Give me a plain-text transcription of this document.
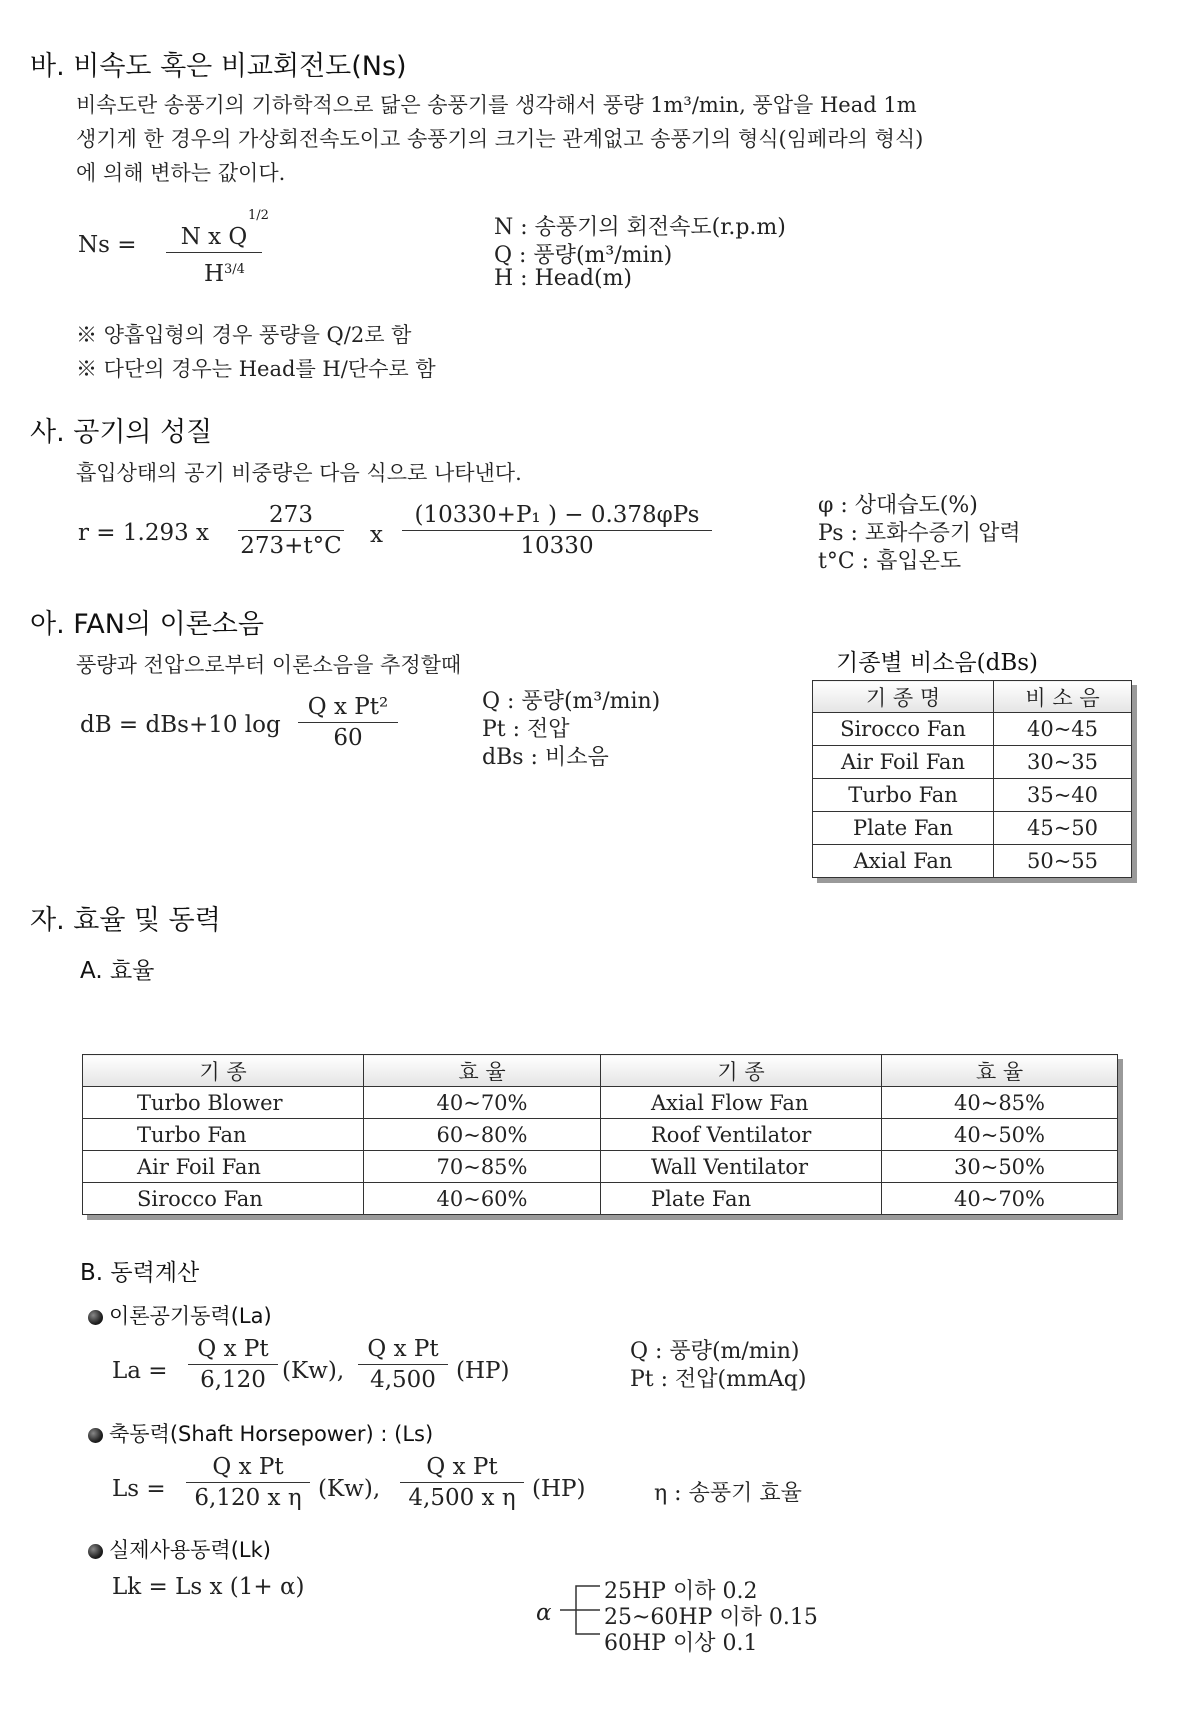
바. 비속도 혹은 비교회전도(Ns)
비속도란 송풍기의 기하학적으로 닮은 송풍기를 생각해서 풍량 1m³/min, 풍압을 Head 1m
생기게 한 경우의 가상회전속도이고 송풍기의 크기는 관계없고 송풍기의 형식(임페라의 형식)
에 의해 변하는 값이다.
$Ns = \frac{\text{N x Q}}{H}$
1/2
3/4
N : 송풍기의 회전속도(r.p.m)
Q : 풍량(m³/min)
H : Head(m)
※ 양흡입형의 경우 풍량을 Q/2로 함
※ 다단의 경우는 Head를 H/단수로 함
사. 공기의 성질
흡입상태의 공기 비중량은 다음 식으로 나타낸다.
r = 1.293 x $\frac{273}{273+t^\circ C}$ x
(10330+P₁ ) − 0.378φPs
10330
φ : 상대습도(%)
Ps : 포화수증기 압력
t°C : 흡입온도
아. FAN의 이론소음
풍량과 전압으로부터 이론소음을 추정할때
dB = dBs+10 $\log \frac{\text{Q x Pt²}}{60}$	Q : 풍량(m³/min)
Pt : 전압
dBs : 비소음
기종별 비소음(dBs)
기 종 명	비 소 음
Sirocco Fan	40~45
Air Foil Fan	30~35
Turbo Fan	35~40
Plate Fan	45~50
Axial Fan	50~55
자. 효율 및 동력
A. 효율
기 종	효 율	기 종	효 율
Turbo Blower	40~70%	Axial Flow Fan	40~85%
Turbo Fan	60~80%	Roof Ventilator	40~50%
Air Foil Fan	70~85%	Wall Ventilator	30~50%
Sirocco Fan	40~60%	Plate Fan	40~70%
B. 동력계산
이론공기동력(La)
$La = \frac{\text{Q x Pt}}{6,120} (Kw)$, $\frac{\text{Q x Pt}}{4,500} (HP)$
Q : 풍량(m/min)
Pt : 전압(mmAq)
축동력(Shaft Horsepower) : (Ls)
$Ls = \frac{\text{Q x Pt}}{\text{6,120 x η}} (Kw)$, $\frac{\text{Q x Pt}}{\text{4,500 x η}} (HP)$	η : 송풍기 효율
실제사용동력(Lk)
Lk = Ls x (1+ α)
α
25HP 이하 0.2
25~60HP 이하 0.15
60HP 이상 0.1
